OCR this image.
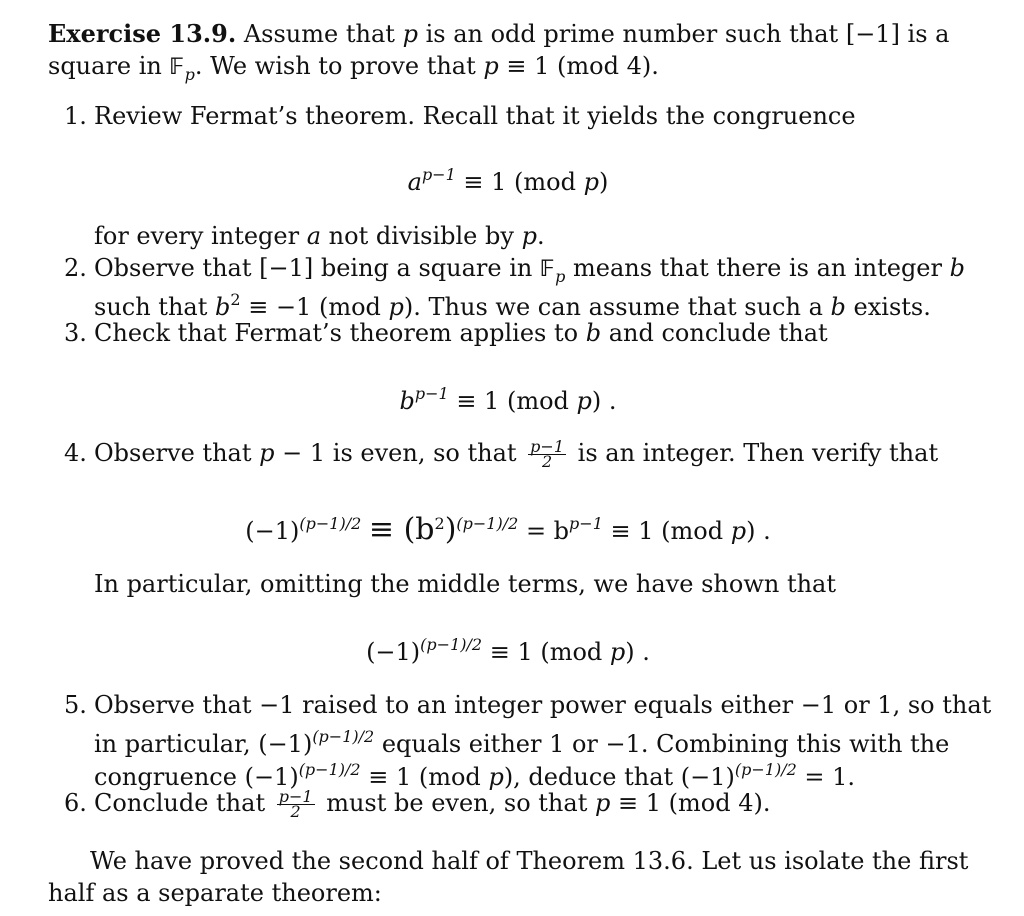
Exercise 13.9. Assume that p is an odd prime number such that [−1] is a
square in 𝔽$_p$. We wish to prove that p ≡ 1 (mod 4).
1. Review Fermat’s theorem. Recall that it yields the congruence
$a^{p-1} \equiv 1$ (mod p)
for every integer a not divisible by p.
2. Observe that [−1] being a square in 𝔽$_p$ means that there is an integer b
such that $b^2 \equiv -1$ (mod p). Thus we can assume that such a b exists.
3. Check that Fermat’s theorem applies to b and conclude that
$b^{p-1} \equiv 1$ (mod p) .
4. Observe that p − 1 is even, so that $\frac{p-1}{2}$ is an integer. Then verify that
$(-1)^{(p-1)/2} \equiv (b^2)^{(p-1)/2} = b^{p-1} \equiv 1$ (mod p) .
In particular, omitting the middle terms, we have shown that
$(-1)^{(p-1)/2} \equiv 1$ (mod p) .
5. Observe that −1 raised to an integer power equals either −1 or 1, so that
in particular, $(-1)^{(p-1)/2}$ equals either 1 or −1. Combining this with the
congruence $(-1)^{(p-1)/2} \equiv 1$ (mod p), deduce that $(-1)^{(p-1)/2} = 1$.
6. Conclude that $\frac{p-1}{2}$ must be even, so that p ≡ 1 (mod 4).
We have proved the second half of Theorem 13.6. Let us isolate the first
half as a separate theorem:
